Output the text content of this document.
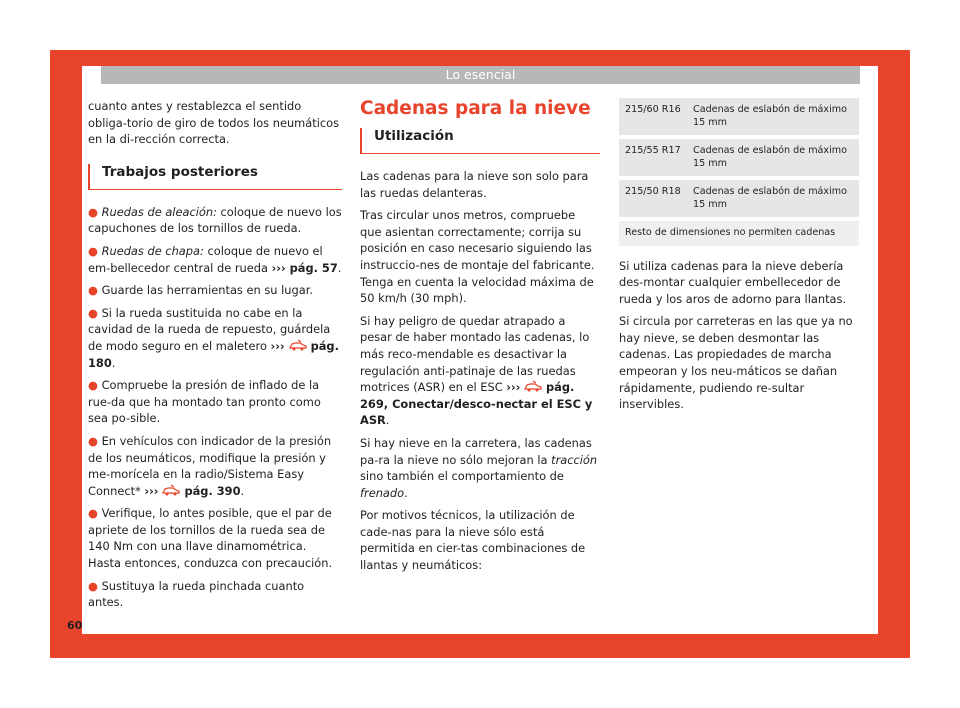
Lo esencial

cuanto antes y restablezca el sentido obliga-torio de giro de todos los neumáticos en la di-rección correcta.

Trabajos posteriores

● Ruedas de aleación: coloque de nuevo los capuchones de los tornillos de rueda.

● Ruedas de chapa: coloque de nuevo el em-bellecedor central de rueda ››› pág. 57.

● Guarde las herramientas en su lugar.

● Si la rueda sustituida no cabe en la cavidad de la rueda de repuesto, guárdela de modo seguro en el maletero ›››  pág. 180.

● Compruebe la presión de inflado de la rue-da que ha montado tan pronto como sea po-sible.

● En vehículos con indicador de la presión de los neumáticos, modifique la presión y me-morícela en la radio/Sistema Easy Connect* ›››  pág. 390.

● Verifique, lo antes posible, que el par de apriete de los tornillos de la rueda sea de 140 Nm con una llave dinamométrica. Hasta entonces, conduzca con precaución.

● Sustituya la rueda pinchada cuanto antes.

Cadenas para la nieve
Utilización

Las cadenas para la nieve son solo para las ruedas delanteras.

Tras circular unos metros, compruebe que asientan correctamente; corrija su posición en caso necesario siguiendo las instruccio-nes de montaje del fabricante. Tenga en cuenta la velocidad máxima de 50 km/h (30 mph).

Si hay peligro de quedar atrapado a pesar de haber montado las cadenas, lo más reco-mendable es desactivar la regulación anti-patinaje de las ruedas motrices (ASR) en el ESC ›››  pág. 269, Conectar/desco-nectar el ESC y ASR.

Si hay nieve en la carretera, las cadenas pa-ra la nieve no sólo mejoran la tracción sino también el comportamiento de frenado.

Por motivos técnicos, la utilización de cade-nas para la nieve sólo está permitida en cier-tas combinaciones de llantas y neumáticos:

215/60 R16	Cadenas de eslabón de máximo 15 mm
215/55 R17	Cadenas de eslabón de máximo 15 mm
215/50 R18	Cadenas de eslabón de máximo 15 mm
Resto de dimensiones no permiten cadenas	

Si utiliza cadenas para la nieve debería des-montar cualquier embellecedor de rueda y los aros de adorno para llantas.

Si circula por carreteras en las que ya no hay nieve, se deben desmontar las cadenas. Las propiedades de marcha empeoran y los neu-máticos se dañan rápidamente, pudiendo re-sultar inservibles.

60
